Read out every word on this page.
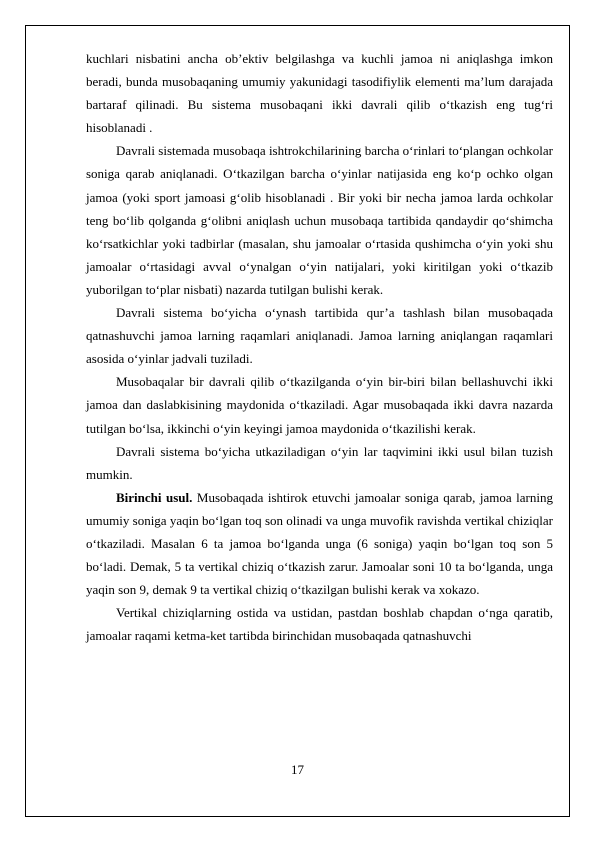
kuchlari nisbatini ancha ob’ektiv belgilashga va kuchli jamoa ni aniqlashga imkon beradi, bunda musobaqaning umumiy yakunidagi tasodifiylik elementi ma’lum darajada bartaraf qilinadi. Bu sistema musobaqani ikki davrali qilib o‘tkazish eng tug‘ri hisoblanadi .

Davrali sistemada musobaqa ishtrokchilarining barcha o‘rinlari to‘plangan ochkolar soniga qarab aniqlanadi. O‘tkazilgan barcha o‘yinlar natijasida eng ko‘p ochko olgan jamoa (yoki sport jamoasi g‘olib hisoblanadi . Bir yoki bir necha jamoa larda ochkolar teng bo‘lib qolganda g‘olibni aniqlash uchun musobaqa tartibida qandaydir qo‘shimcha ko‘rsatkichlar yoki tadbirlar (masalan, shu jamoalar o‘rtasida qushimcha o‘yin yoki shu jamoalar o‘rtasidagi avval o‘ynalgan o‘yin natijalari, yoki kiritilgan yoki o‘tkazib yuborilgan to‘plar nisbati) nazarda tutilgan bulishi kerak.

Davrali sistema bo‘yicha o‘ynash tartibida qur’a tashlash bilan musobaqada qatnashuvchi jamoa larning raqamlari aniqlanadi. Jamoa larning aniqlangan raqamlari asosida o‘yinlar jadvali tuziladi.

Musobaqalar bir davrali qilib o‘tkazilganda o‘yin bir-biri bilan bellashuvchi ikki jamoa dan daslabkisining maydonida o‘tkaziladi. Agar musobaqada ikki davra nazarda tutilgan bo‘lsa, ikkinchi o‘yin keyingi jamoa maydonida o‘tkazilishi kerak.

Davrali sistema bo‘yicha utkaziladigan o‘yin lar taqvimini ikki usul bilan tuzish mumkin.

Birinchi usul. Musobaqada ishtirok etuvchi jamoalar soniga qarab, jamoa larning umumiy soniga yaqin bo‘lgan toq son olinadi va unga muvofik ravishda vertikal chiziqlar o‘tkaziladi. Masalan 6 ta jamoa bo‘lganda unga (6 soniga) yaqin bo‘lgan toq son 5 bo‘ladi. Demak, 5 ta vertikal chiziq o‘tkazish zarur. Jamoalar soni 10 ta bo‘lganda, unga yaqin son 9, demak 9 ta vertikal chiziq o‘tkazilgan bulishi kerak va xokazo.

Vertikal chiziqlarning ostida va ustidan, pastdan boshlab chapdan o‘nga qaratib, jamoalar raqami ketma-ket tartibda birinchidan musobaqada qatnashuvchi

17
